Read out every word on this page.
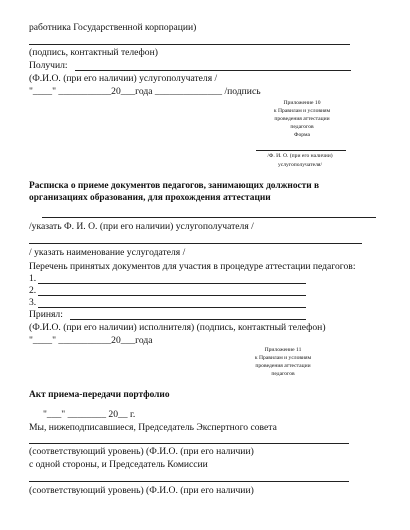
работника Государственной корпорации)
(подпись, контактный телефон)
Получил:
(Ф.И.О. (при его наличии) услугополучателя /
"____" ___________20___года ______________ /подпись
Приложение 10
к Правилам и условиям
проведения аттестации
педагогов
Форма
/Ф. И. О. (при его наличии)
услугополучателя/
Расписка о приеме документов педагогов, занимающих должности в организациях образования, для прохождения аттестации
/указать Ф. И. О. (при его наличии) услугополучателя /
/ указать наименование услугодателя /
Перечень принятых документов для участия в процедуре аттестации педагогов:
1.
2.
3.
Принял:
(Ф.И.О. (при его наличии) исполнителя) (подпись, контактный телефон)
"____" ___________20___года
Приложение 11
к Правилам и условиям
проведения аттестации
педагогов
Акт приема-передачи портфолио
"___" ________ 20__ г.
Мы, нижеподписавшиеся, Председатель Экспертного совета
(соответствующий уровень) (Ф.И.О. (при его наличии)
с одной стороны, и Председатель Комиссии
(соответствующий уровень) (Ф.И.О. (при его наличии)
